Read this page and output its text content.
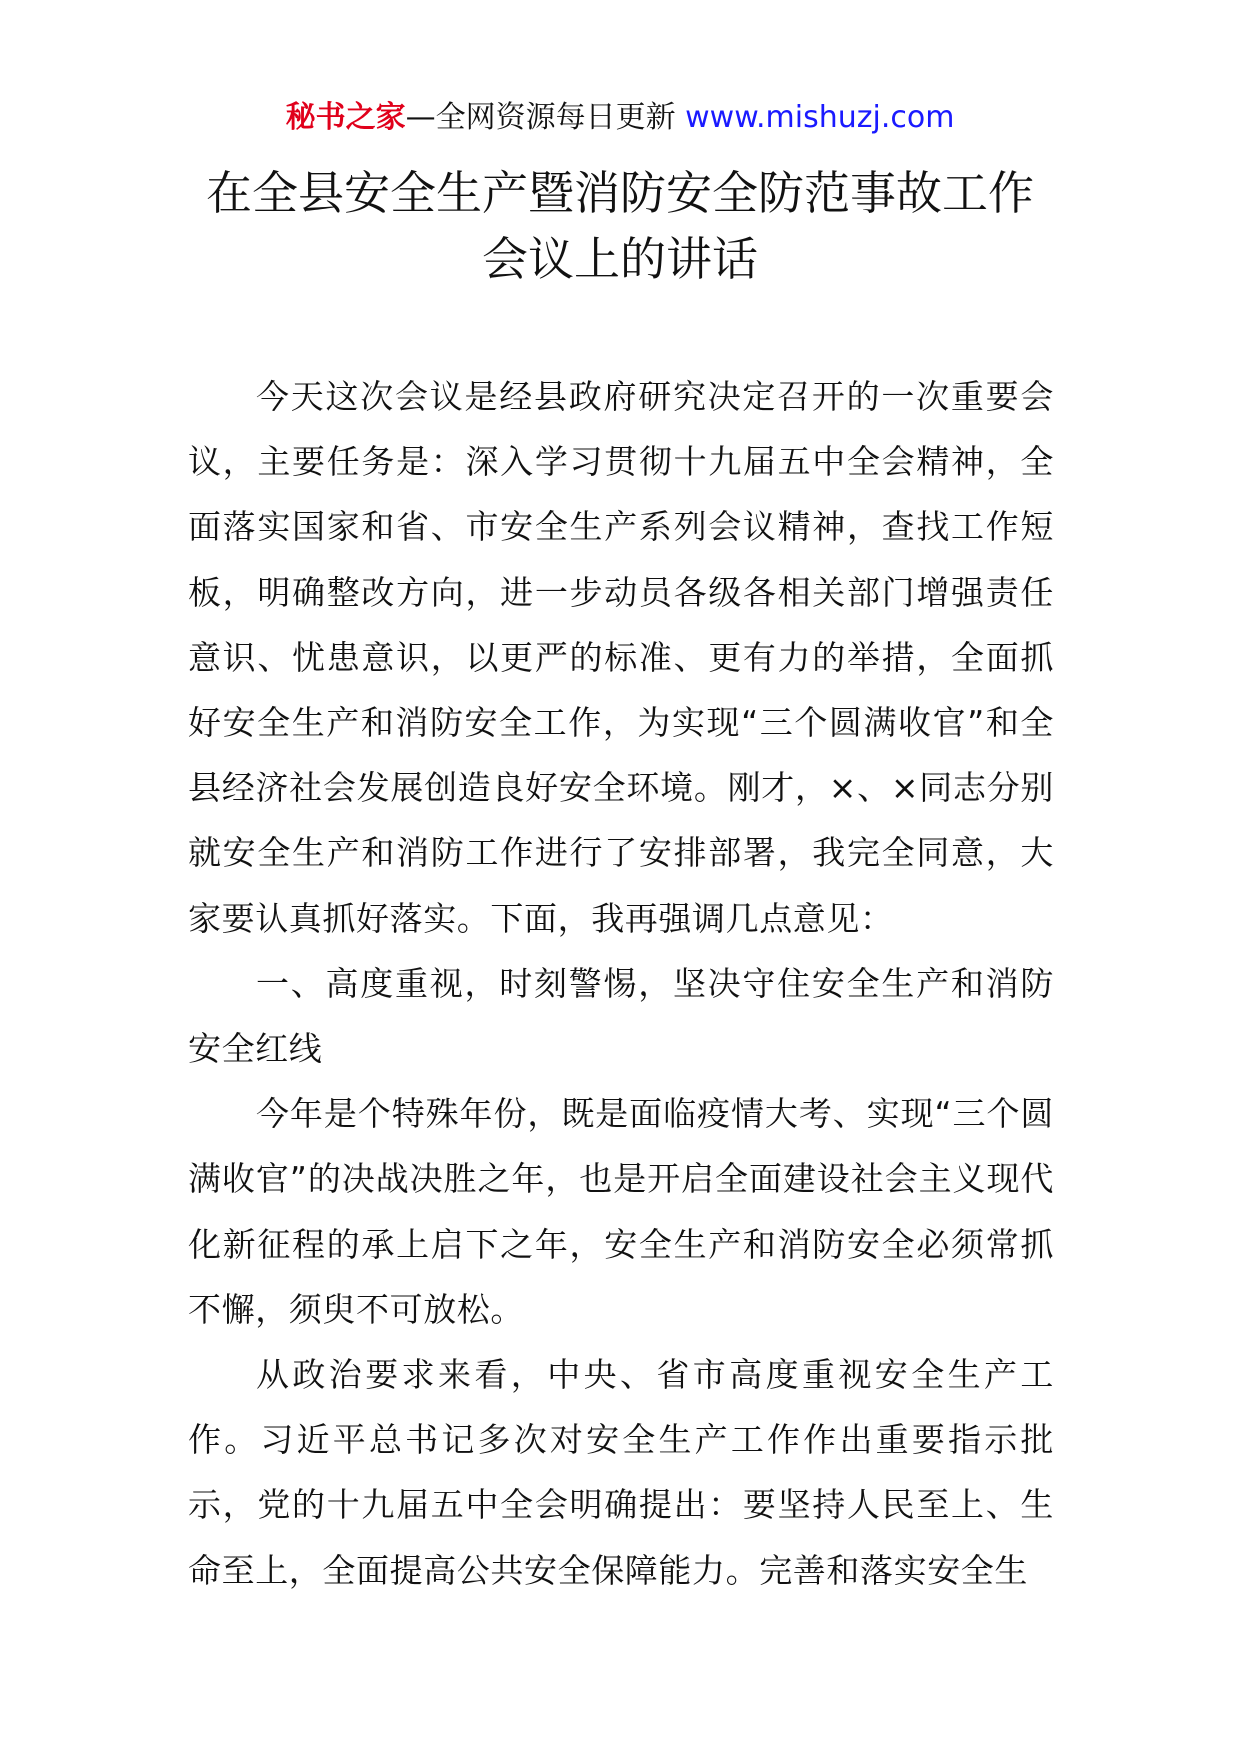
秘书之家—全网资源每日更新 www.mishuzj.com
在全县安全生产暨消防安全防范事故工作
会议上的讲话

今天这次会议是经县政府研究决定召开的一次重要会议，主要任务是：深入学习贯彻十九届五中全会精神，全面落实国家和省、市安全生产系列会议精神，查找工作短板，明确整改方向，进一步动员各级各相关部门增强责任意识、忧患意识，以更严的标准、更有力的举措，全面抓好安全生产和消防安全工作，为实现“三个圆满收官”和全县经济社会发展创造良好安全环境。刚才，×、×同志分别就安全生产和消防工作进行了安排部署，我完全同意，大家要认真抓好落实。下面，我再强调几点意见：

一、高度重视，时刻警惕，坚决守住安全生产和消防安全红线

今年是个特殊年份，既是面临疫情大考、实现“三个圆满收官”的决战决胜之年，也是开启全面建设社会主义现代化新征程的承上启下之年，安全生产和消防安全必须常抓不懈，须臾不可放松。

从政治要求来看，中央、省市高度重视安全生产工作。习近平总书记多次对安全生产工作作出重要指示批示，党的十九届五中全会明确提出：要坚持人民至上、生命至上，全面提高公共安全保障能力。完善和落实安全生
